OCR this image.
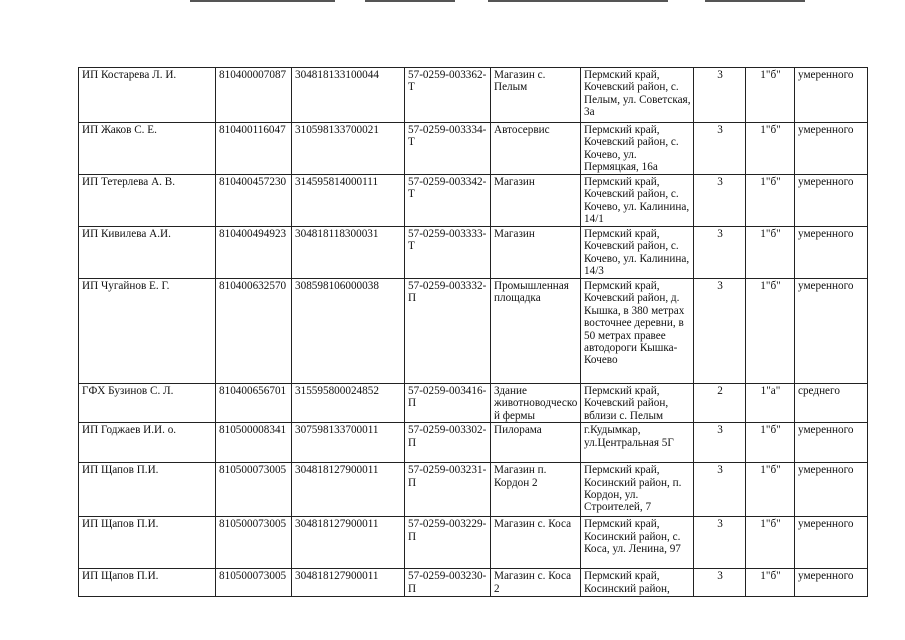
ИП Костарева Л. И.	810400007087	304818133100044	57-0259-003362-Т	Магазин с. Пелым	Пермский край, Кочевский район, с. Пелым, ул. Советская, 3а	3	1"б"	умеренного
ИП Жаков С. Е.	810400116047	310598133700021	57-0259-003334-Т	Автосервис	Пермский край, Кочевский район, с. Кочево, ул. Пермяцкая, 16а	3	1"б"	умеренного
ИП Тетерлева А. В.	810400457230	314595814000111	57-0259-003342-Т	Магазин	Пермский край, Кочевский район, с. Кочево, ул. Калинина, 14/1	3	1"б"	умеренного
ИП Кивилева А.И.	810400494923	304818118300031	57-0259-003333-Т	Магазин	Пермский край, Кочевский район, с. Кочево, ул. Калинина, 14/3	3	1"б"	умеренного
ИП Чугайнов Е. Г.	810400632570	308598106000038	57-0259-003332-П	Промышленная площадка	Пермский край, Кочевский район, д. Кышка, в 380 метрах восточнее деревни, в 50 метрах правее автодороги Кышка-Кочево	3	1"б"	умеренного
ГФХ Бузинов С. Л.	810400656701	315595800024852	57-0259-003416-П	Здание животноводческой фермы	Пермский край, Кочевский район, вблизи с. Пелым	2	1"а"	среднего
ИП Годжаев И.И. о.	810500008341	307598133700011	57-0259-003302-П	Пилорама	г.Кудымкар, ул.Центральная 5Г	3	1"б"	умеренного
ИП Щапов П.И.	810500073005	304818127900011	57-0259-003231-П	Магазин п. Кордон 2	Пермский край, Косинский район, п. Кордон, ул. Строителей, 7	3	1"б"	умеренного
ИП Щапов П.И.	810500073005	304818127900011	57-0259-003229-П	Магазин с. Коса	Пермский край, Косинский район, с. Коса, ул. Ленина, 97	3	1"б"	умеренного
ИП Щапов П.И.	810500073005	304818127900011	57-0259-003230-П	Магазин с. Коса 2	Пермский край, Косинский район,	3	1"б"	умеренного
